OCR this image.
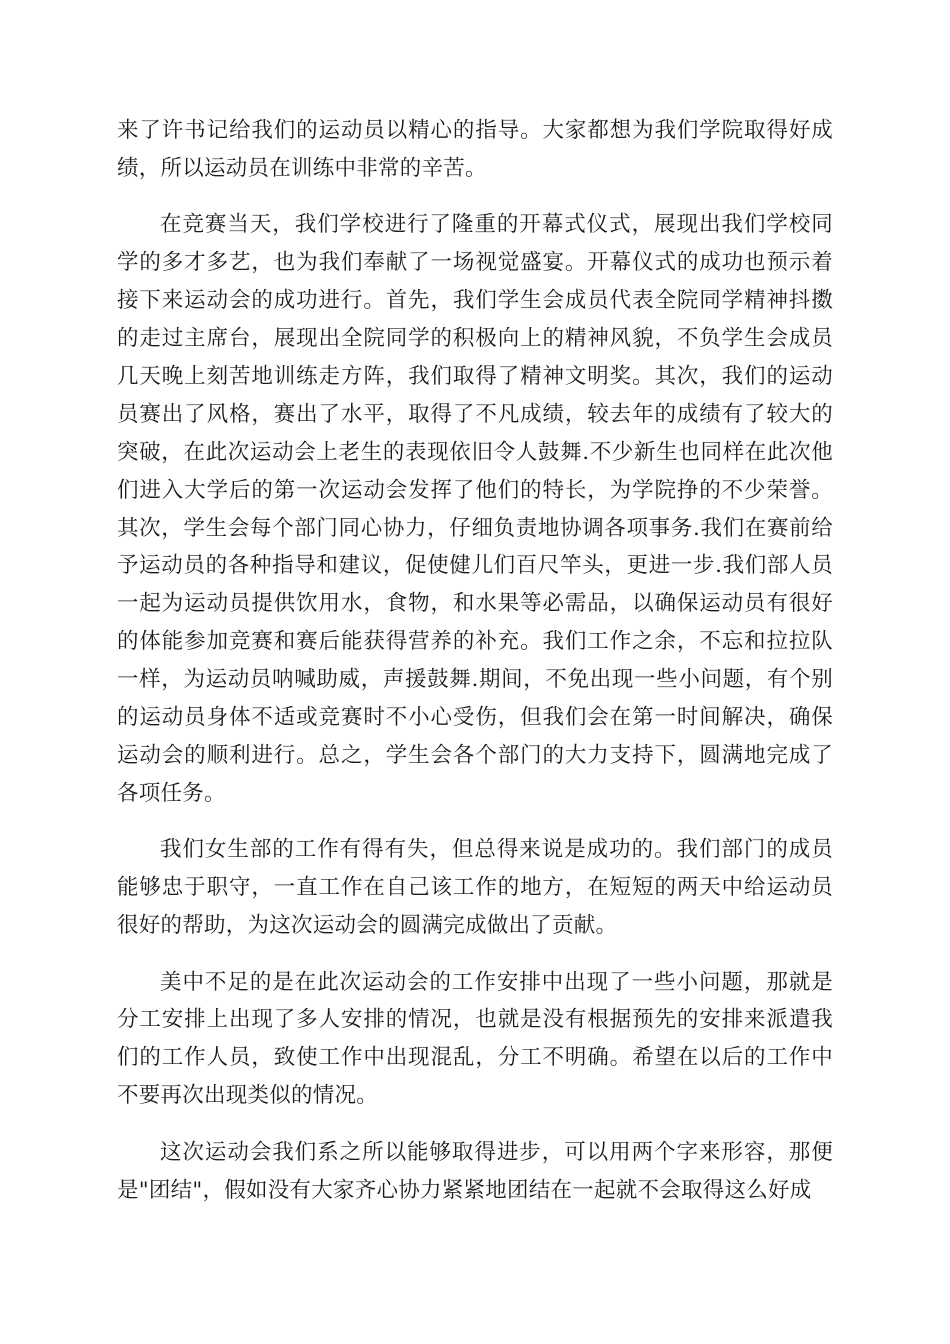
来了许书记给我们的运动员以精心的指导。大家都想为我们学院取得好成绩，所以运动员在训练中非常的辛苦。

在竞赛当天，我们学校进行了隆重的开幕式仪式，展现出我们学校同学的多才多艺，也为我们奉献了一场视觉盛宴。开幕仪式的成功也预示着接下来运动会的成功进行。首先，我们学生会成员代表全院同学精神抖擞的走过主席台，展现出全院同学的积极向上的精神风貌，不负学生会成员几天晚上刻苦地训练走方阵，我们取得了精神文明奖。其次，我们的运动员赛出了风格，赛出了水平，取得了不凡成绩，较去年的成绩有了较大的突破，在此次运动会上老生的表现依旧令人鼓舞.不少新生也同样在此次他们进入大学后的第一次运动会发挥了他们的特长，为学院挣的不少荣誉。其次，学生会每个部门同心协力，仔细负责地协调各项事务.我们在赛前给予运动员的各种指导和建议，促使健儿们百尺竿头，更进一步.我们部人员一起为运动员提供饮用水，食物，和水果等必需品，以确保运动员有很好的体能参加竞赛和赛后能获得营养的补充。我们工作之余，不忘和拉拉队一样，为运动员呐喊助威，声援鼓舞.期间，不免出现一些小问题，有个别的运动员身体不适或竞赛时不小心受伤，但我们会在第一时间解决，确保运动会的顺利进行。总之，学生会各个部门的大力支持下，圆满地完成了各项任务。

我们女生部的工作有得有失，但总得来说是成功的。我们部门的成员能够忠于职守，一直工作在自己该工作的地方，在短短的两天中给运动员很好的帮助，为这次运动会的圆满完成做出了贡献。

美中不足的是在此次运动会的工作安排中出现了一些小问题，那就是分工安排上出现了多人安排的情况，也就是没有根据预先的安排来派遣我们的工作人员，致使工作中出现混乱，分工不明确。希望在以后的工作中不要再次出现类似的情况。

这次运动会我们系之所以能够取得进步，可以用两个字来形容，那便是"团结"，假如没有大家齐心协力紧紧地团结在一起就不会取得这么好成
